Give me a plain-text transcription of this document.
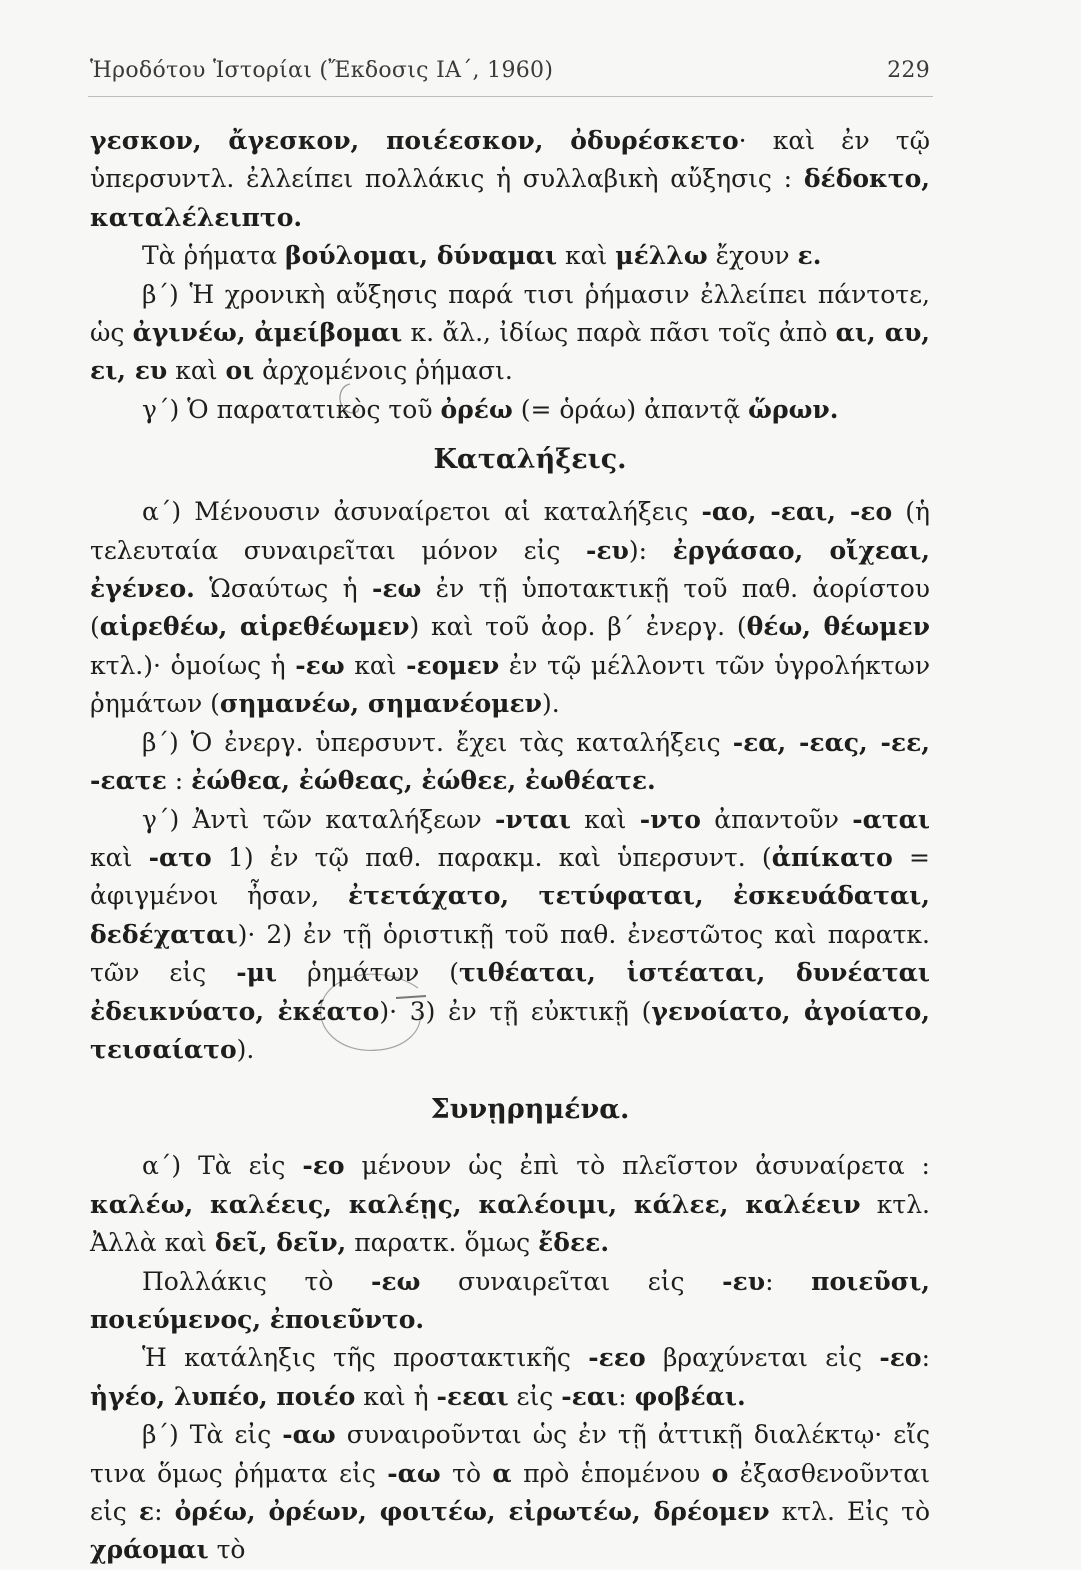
Ἡροδότου Ἱστορίαι (Ἔκδοσις ΙΑ΄, 1960)	229

γεσκον, ἄγεσκον, ποιέεσκον, ὀδυρέσκετο· καὶ ἐν τῷ ὑπερσυντλ. ἐλλείπει πολλάκις ἡ συλλαβικὴ αὔξησις : δέδοκτο, καταλέλειπτο.

Τὰ ῥήματα βούλομαι, δύναμαι καὶ μέλλω ἔχουν ε.

β΄) Ἡ χρονικὴ αὔξησις παρά τισι ῥήμασιν ἐλλείπει πάντοτε, ὡς ἀγινέω, ἀμείβομαι κ. ἄλ., ἰδίως παρὰ πᾶσι τοῖς ἀπὸ αι, αυ, ει, ευ καὶ οι ἀρχομένοις ῥήμασι.

γ΄) Ὁ παρατατικὸς τοῦ ὀρέω (= ὁράω) ἀπαντᾷ ὥρων.

Καταλήξεις.

α΄) Μένουσιν ἀσυναίρετοι αἱ καταλήξεις -αο, -εαι, -εο (ἡ τελευταία συναιρεῖται μόνον εἰς -ευ): ἐργάσαο, οἴχεαι, ἐγένεο. Ὡσαύτως ἡ -εω ἐν τῇ ὑποτακτικῇ τοῦ παθ. ἀορίστου (αἱρεθέω, αἱρεθέωμεν) καὶ τοῦ ἀορ. β΄ ἐνεργ. (θέω, θέωμεν κτλ.)· ὁμοίως ἡ -εω καὶ -εομεν ἐν τῷ μέλλοντι τῶν ὑγρολήκτων ῥημάτων (σημανέω, σημανέομεν).

β΄) Ὁ ἐνεργ. ὑπερσυντ. ἔχει τὰς καταλήξεις -εα, -εας, -εε, -εατε : ἐώθεα, ἐώθεας, ἐώθεε, ἐωθέατε.

γ΄) Ἀντὶ τῶν καταλήξεων -νται καὶ -ντο ἀπαντοῦν -αται καὶ -ατο 1) ἐν τῷ παθ. παρακμ. καὶ ὑπερσυντ. (ἀπίκατο = ἀφιγμένοι ἦσαν, ἐτετάχατο, τετύφαται, ἐσκευάδαται, δεδέχαται)· 2) ἐν τῇ ὁριστικῇ τοῦ παθ. ἐνεστῶτος καὶ παρατκ. τῶν εἰς -μι ῥημάτων (τιθέαται, ἱστέαται, δυνέαται ἐδεικνύατο, ἐκέατο)· 3) ἐν τῇ εὐκτικῇ (γενοίατο, ἀγοίατο, τεισαίατο).

Συνῃρημένα.

α΄) Τὰ εἰς -εο μένουν ὡς ἐπὶ τὸ πλεῖστον ἀσυναίρετα : καλέω, καλέεις, καλέῃς, καλέοιμι, κάλεε, καλέειν κτλ. Ἀλλὰ καὶ δεῖ, δεῖν, παρατκ. ὅμως ἔδεε.

Πολλάκις τὸ -εω συναιρεῖται εἰς -ευ: ποιεῦσι, ποιεύμενος, ἐποιεῦντο.

Ἡ κατάληξις τῆς προστακτικῆς -εεο βραχύνεται εἰς -εο: ἡγέο, λυπέο, ποιέο καὶ ἡ -εεαι εἰς -εαι: φοβέαι.

β΄) Τὰ εἰς -αω συναιροῦνται ὡς ἐν τῇ ἀττικῇ διαλέκτῳ· εἴς τινα ὅμως ῥήματα εἰς -αω τὸ α πρὸ ἑπομένου ο ἐξασθενοῦνται εἰς ε: ὀρέω, ὀρέων, φοιτέω, εἰρωτέω, δρέομεν κτλ. Εἰς τὸ χράομαι τὸ
